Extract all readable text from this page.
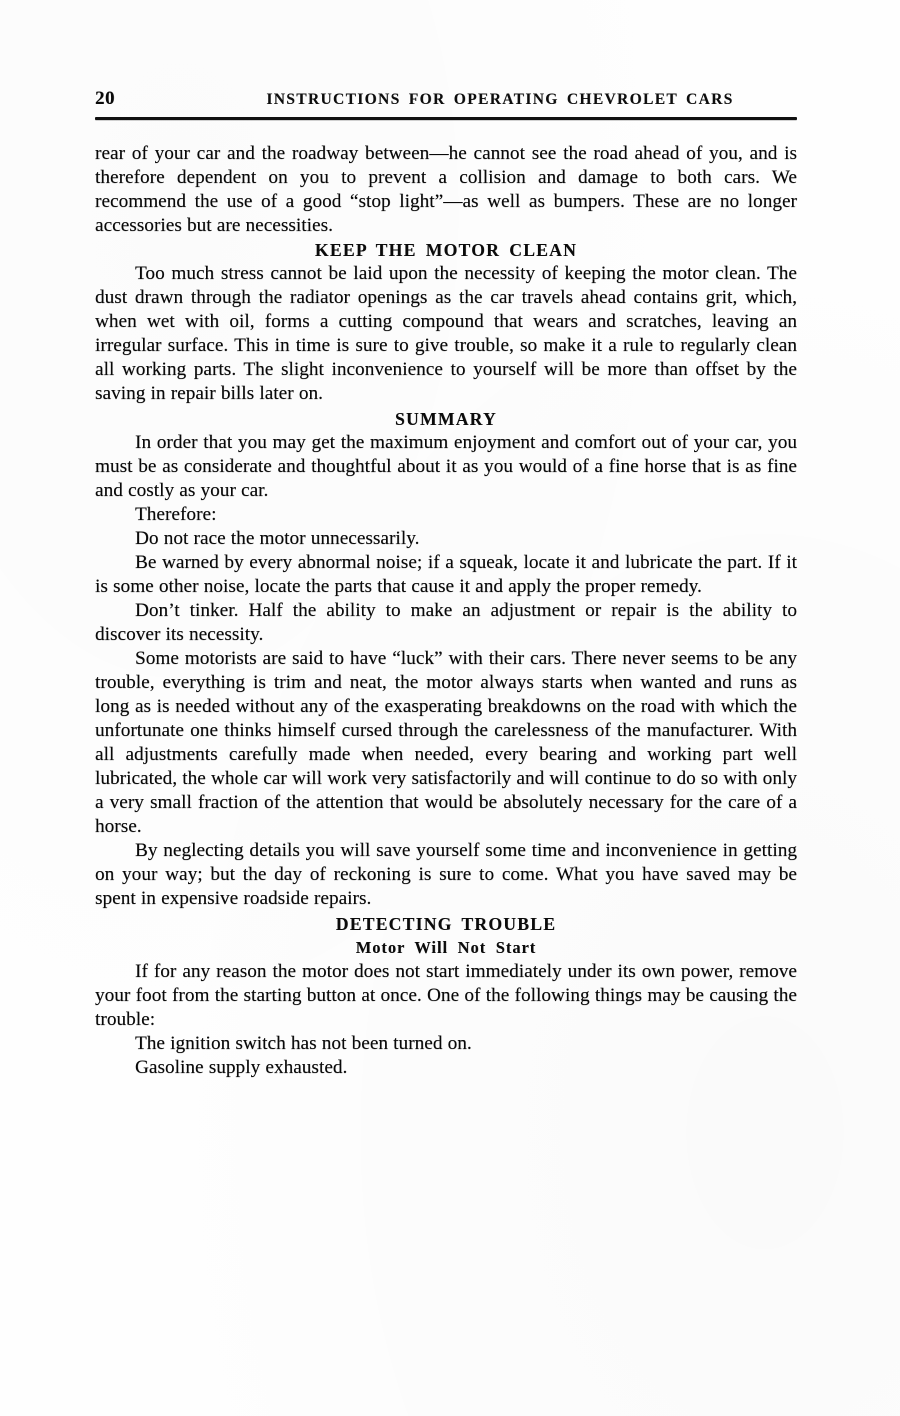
20	INSTRUCTIONS FOR OPERATING CHEVROLET CARS

rear of your car and the roadway between—he cannot see the road ahead of you, and is therefore dependent on you to prevent a collision and damage to both cars. We recommend the use of a good “stop light”—as well as bumpers. These are no longer accessories but are necessities.

KEEP THE MOTOR CLEAN

Too much stress cannot be laid upon the necessity of keeping the motor clean. The dust drawn through the radiator openings as the car travels ahead contains grit, which, when wet with oil, forms a cutting compound that wears and scratches, leaving an irregular surface. This in time is sure to give trouble, so make it a rule to regularly clean all working parts. The slight inconvenience to yourself will be more than offset by the saving in repair bills later on.

SUMMARY

In order that you may get the maximum enjoyment and comfort out of your car, you must be as considerate and thoughtful about it as you would of a fine horse that is as fine and costly as your car.

Therefore:

Do not race the motor unnecessarily.

Be warned by every abnormal noise; if a squeak, locate it and lubricate the part. If it is some other noise, locate the parts that cause it and apply the proper remedy.

Don’t tinker. Half the ability to make an adjustment or repair is the ability to discover its necessity.

Some motorists are said to have “luck” with their cars. There never seems to be any trouble, everything is trim and neat, the motor always starts when wanted and runs as long as is needed without any of the exasperating breakdowns on the road with which the unfortunate one thinks himself cursed through the carelessness of the manufacturer. With all adjustments carefully made when needed, every bearing and working part well lubricated, the whole car will work very satisfactorily and will continue to do so with only a very small fraction of the attention that would be absolutely necessary for the care of a horse.

By neglecting details you will save yourself some time and inconvenience in getting on your way; but the day of reckoning is sure to come. What you have saved may be spent in expensive roadside repairs.

DETECTING TROUBLE
Motor Will Not Start

If for any reason the motor does not start immediately under its own power, remove your foot from the starting button at once. One of the following things may be causing the trouble:

The ignition switch has not been turned on.

Gasoline supply exhausted.
